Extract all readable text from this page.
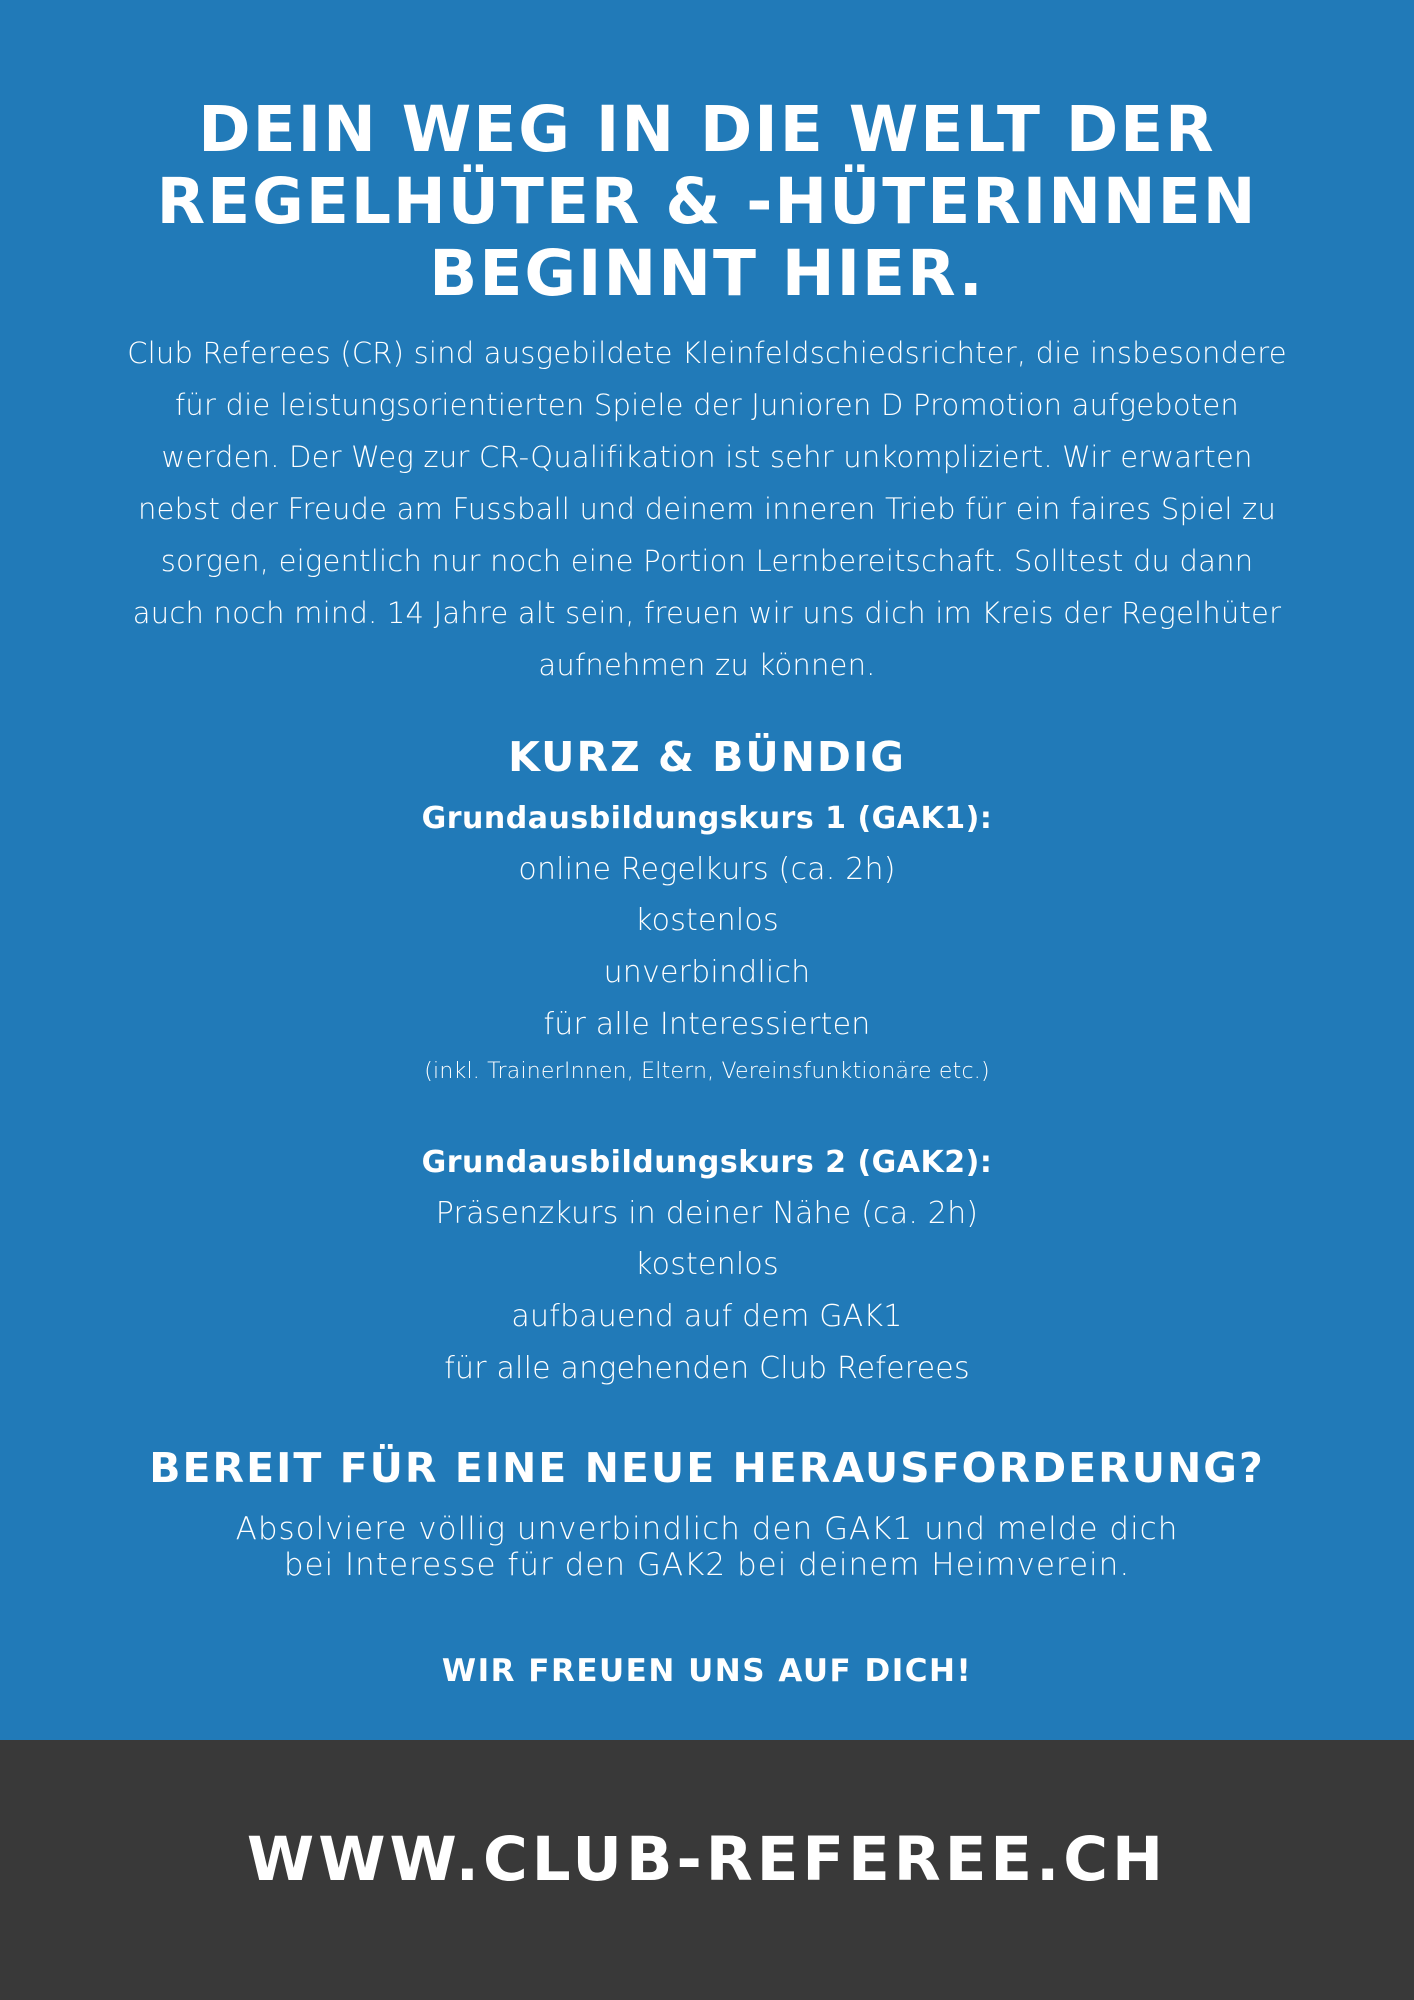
DEIN WEG IN DIE WELT DER
REGELHÜTER & -HÜTERINNEN
BEGINNT HIER.
Club Referees (CR) sind ausgebildete Kleinfeldschiedsrichter, die insbesondere
für die leistungsorientierten Spiele der Junioren D Promotion aufgeboten
werden. Der Weg zur CR-Qualifikation ist sehr unkompliziert. Wir erwarten
nebst der Freude am Fussball und deinem inneren Trieb für ein faires Spiel zu
sorgen, eigentlich nur noch eine Portion Lernbereitschaft. Solltest du dann
auch noch mind. 14 Jahre alt sein, freuen wir uns dich im Kreis der Regelhüter
aufnehmen zu können.
KURZ & BÜNDIG
Grundausbildungskurs 1 (GAK1):
online Regelkurs (ca. 2h)
kostenlos
unverbindlich
für alle Interessierten
(inkl. TrainerInnen, Eltern, Vereinsfunktionäre etc.)
Grundausbildungskurs 2 (GAK2):
Präsenzkurs in deiner Nähe (ca. 2h)
kostenlos
aufbauend auf dem GAK1
für alle angehenden Club Referees
BEREIT FÜR EINE NEUE HERAUSFORDERUNG?
Absolviere völlig unverbindlich den GAK1 und melde dich
bei Interesse für den GAK2 bei deinem Heimverein.
WIR FREUEN UNS AUF DICH!
WWW.CLUB-REFEREE.CH
